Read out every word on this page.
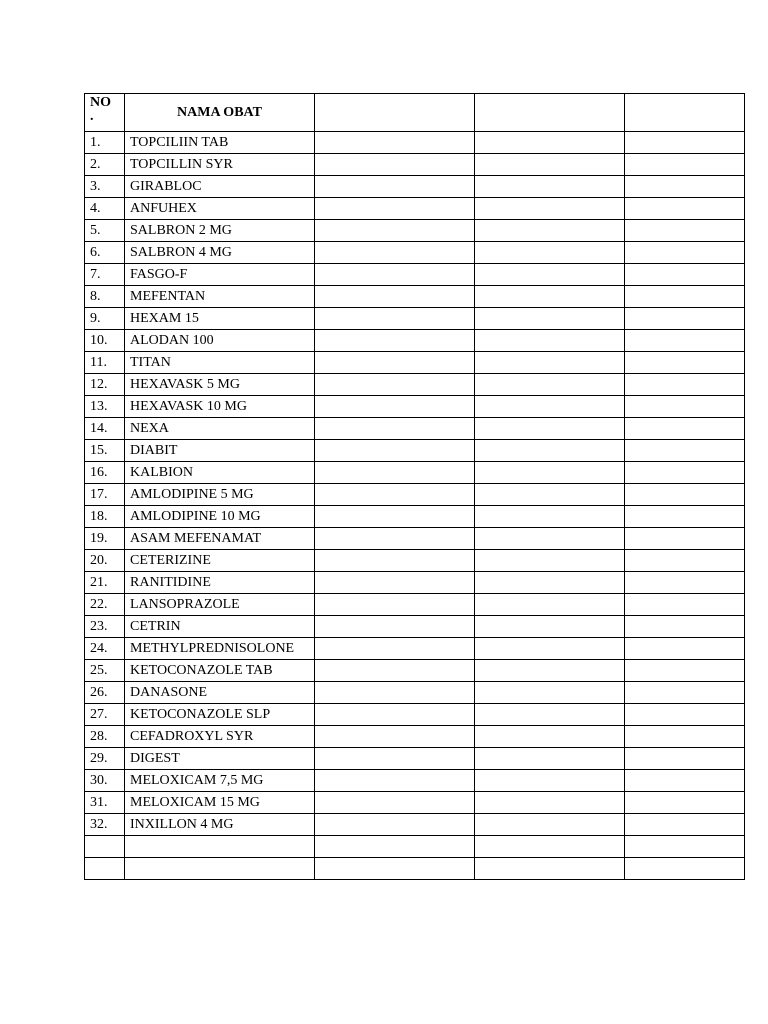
NO
.	NAMA OBAT			
1.	TOPCILIIN TAB			
2.	TOPCILLIN SYR			
3.	GIRABLOC			
4.	ANFUHEX			
5.	SALBRON 2 MG			
6.	SALBRON 4 MG			
7.	FASGO-F			
8.	MEFENTAN			
9.	HEXAM 15			
10.	ALODAN 100			
11.	TITAN			
12.	HEXAVASK 5 MG			
13.	HEXAVASK 10 MG			
14.	NEXA			
15.	DIABIT			
16.	KALBION			
17.	AMLODIPINE 5 MG			
18.	AMLODIPINE 10 MG			
19.	ASAM MEFENAMAT			
20.	CETERIZINE			
21.	RANITIDINE			
22.	LANSOPRAZOLE			
23.	CETRIN			
24.	METHYLPREDNISOLONE			
25.	KETOCONAZOLE TAB			
26.	DANASONE			
27.	KETOCONAZOLE SLP			
28.	CEFADROXYL SYR			
29.	DIGEST			
30.	MELOXICAM 7,5 MG			
31.	MELOXICAM 15 MG			
32.	INXILLON 4 MG			
